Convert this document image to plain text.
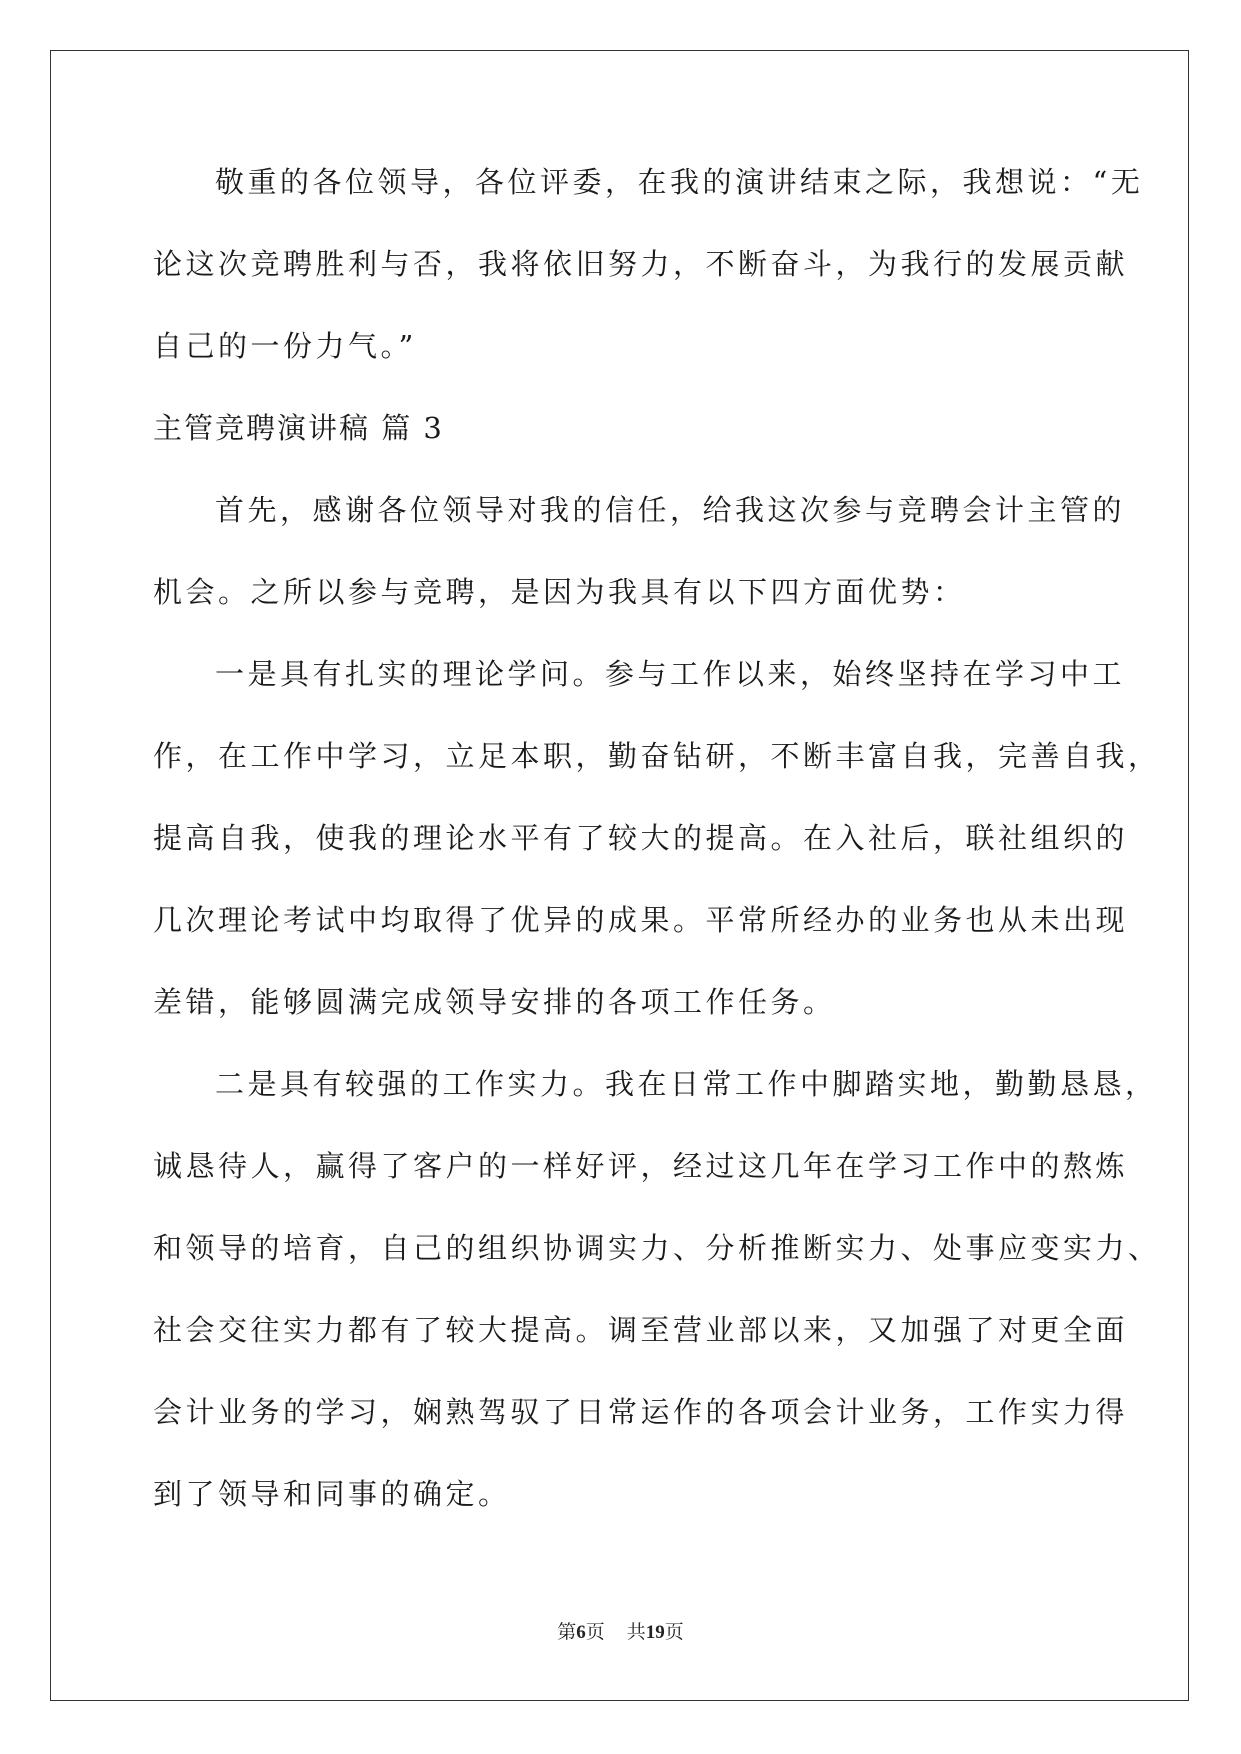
敬重的各位领导，各位评委，在我的演讲结束之际，我想说：“无
论这次竞聘胜利与否，我将依旧努力，不断奋斗，为我行的发展贡献
自己的一份力气。”
主管竞聘演讲稿 篇 3
首先，感谢各位领导对我的信任，给我这次参与竞聘会计主管的
机会。之所以参与竞聘，是因为我具有以下四方面优势：
一是具有扎实的理论学问。参与工作以来，始终坚持在学习中工
作，在工作中学习，立足本职，勤奋钻研，不断丰富自我，完善自我，
提高自我，使我的理论水平有了较大的提高。在入社后，联社组织的
几次理论考试中均取得了优异的成果。平常所经办的业务也从未出现
差错，能够圆满完成领导安排的各项工作任务。
二是具有较强的工作实力。我在日常工作中脚踏实地，勤勤恳恳，
诚恳待人，赢得了客户的一样好评，经过这几年在学习工作中的熬炼
和领导的培育，自己的组织协调实力、分析推断实力、处事应变实力、
社会交往实力都有了较大提高。调至营业部以来，又加强了对更全面
会计业务的学习，娴熟驾驭了日常运作的各项会计业务，工作实力得
到了领导和同事的确定。
第6页 共19页
